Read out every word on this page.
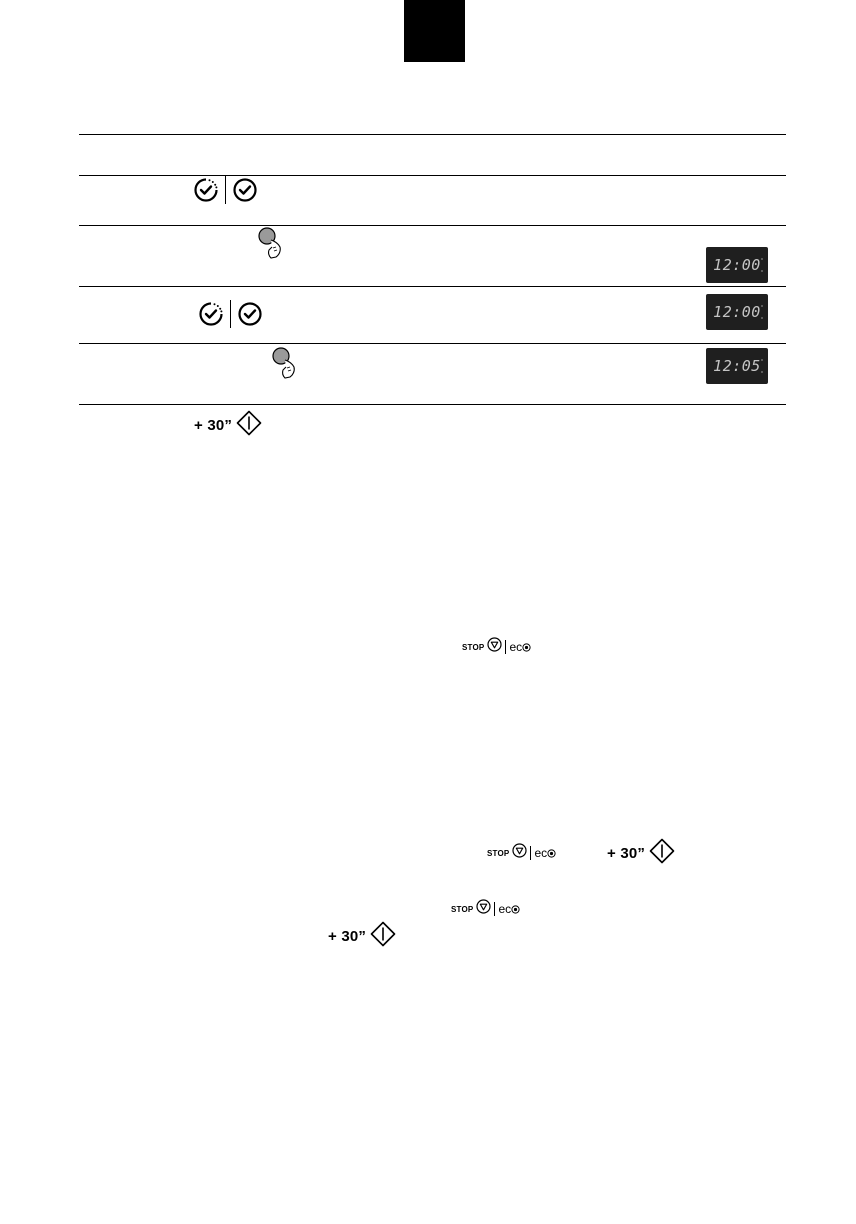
12:00
12:00
12:05
+ 30”
STOP ec
STOP ec	+ 30”
STOP ec
+ 30”
